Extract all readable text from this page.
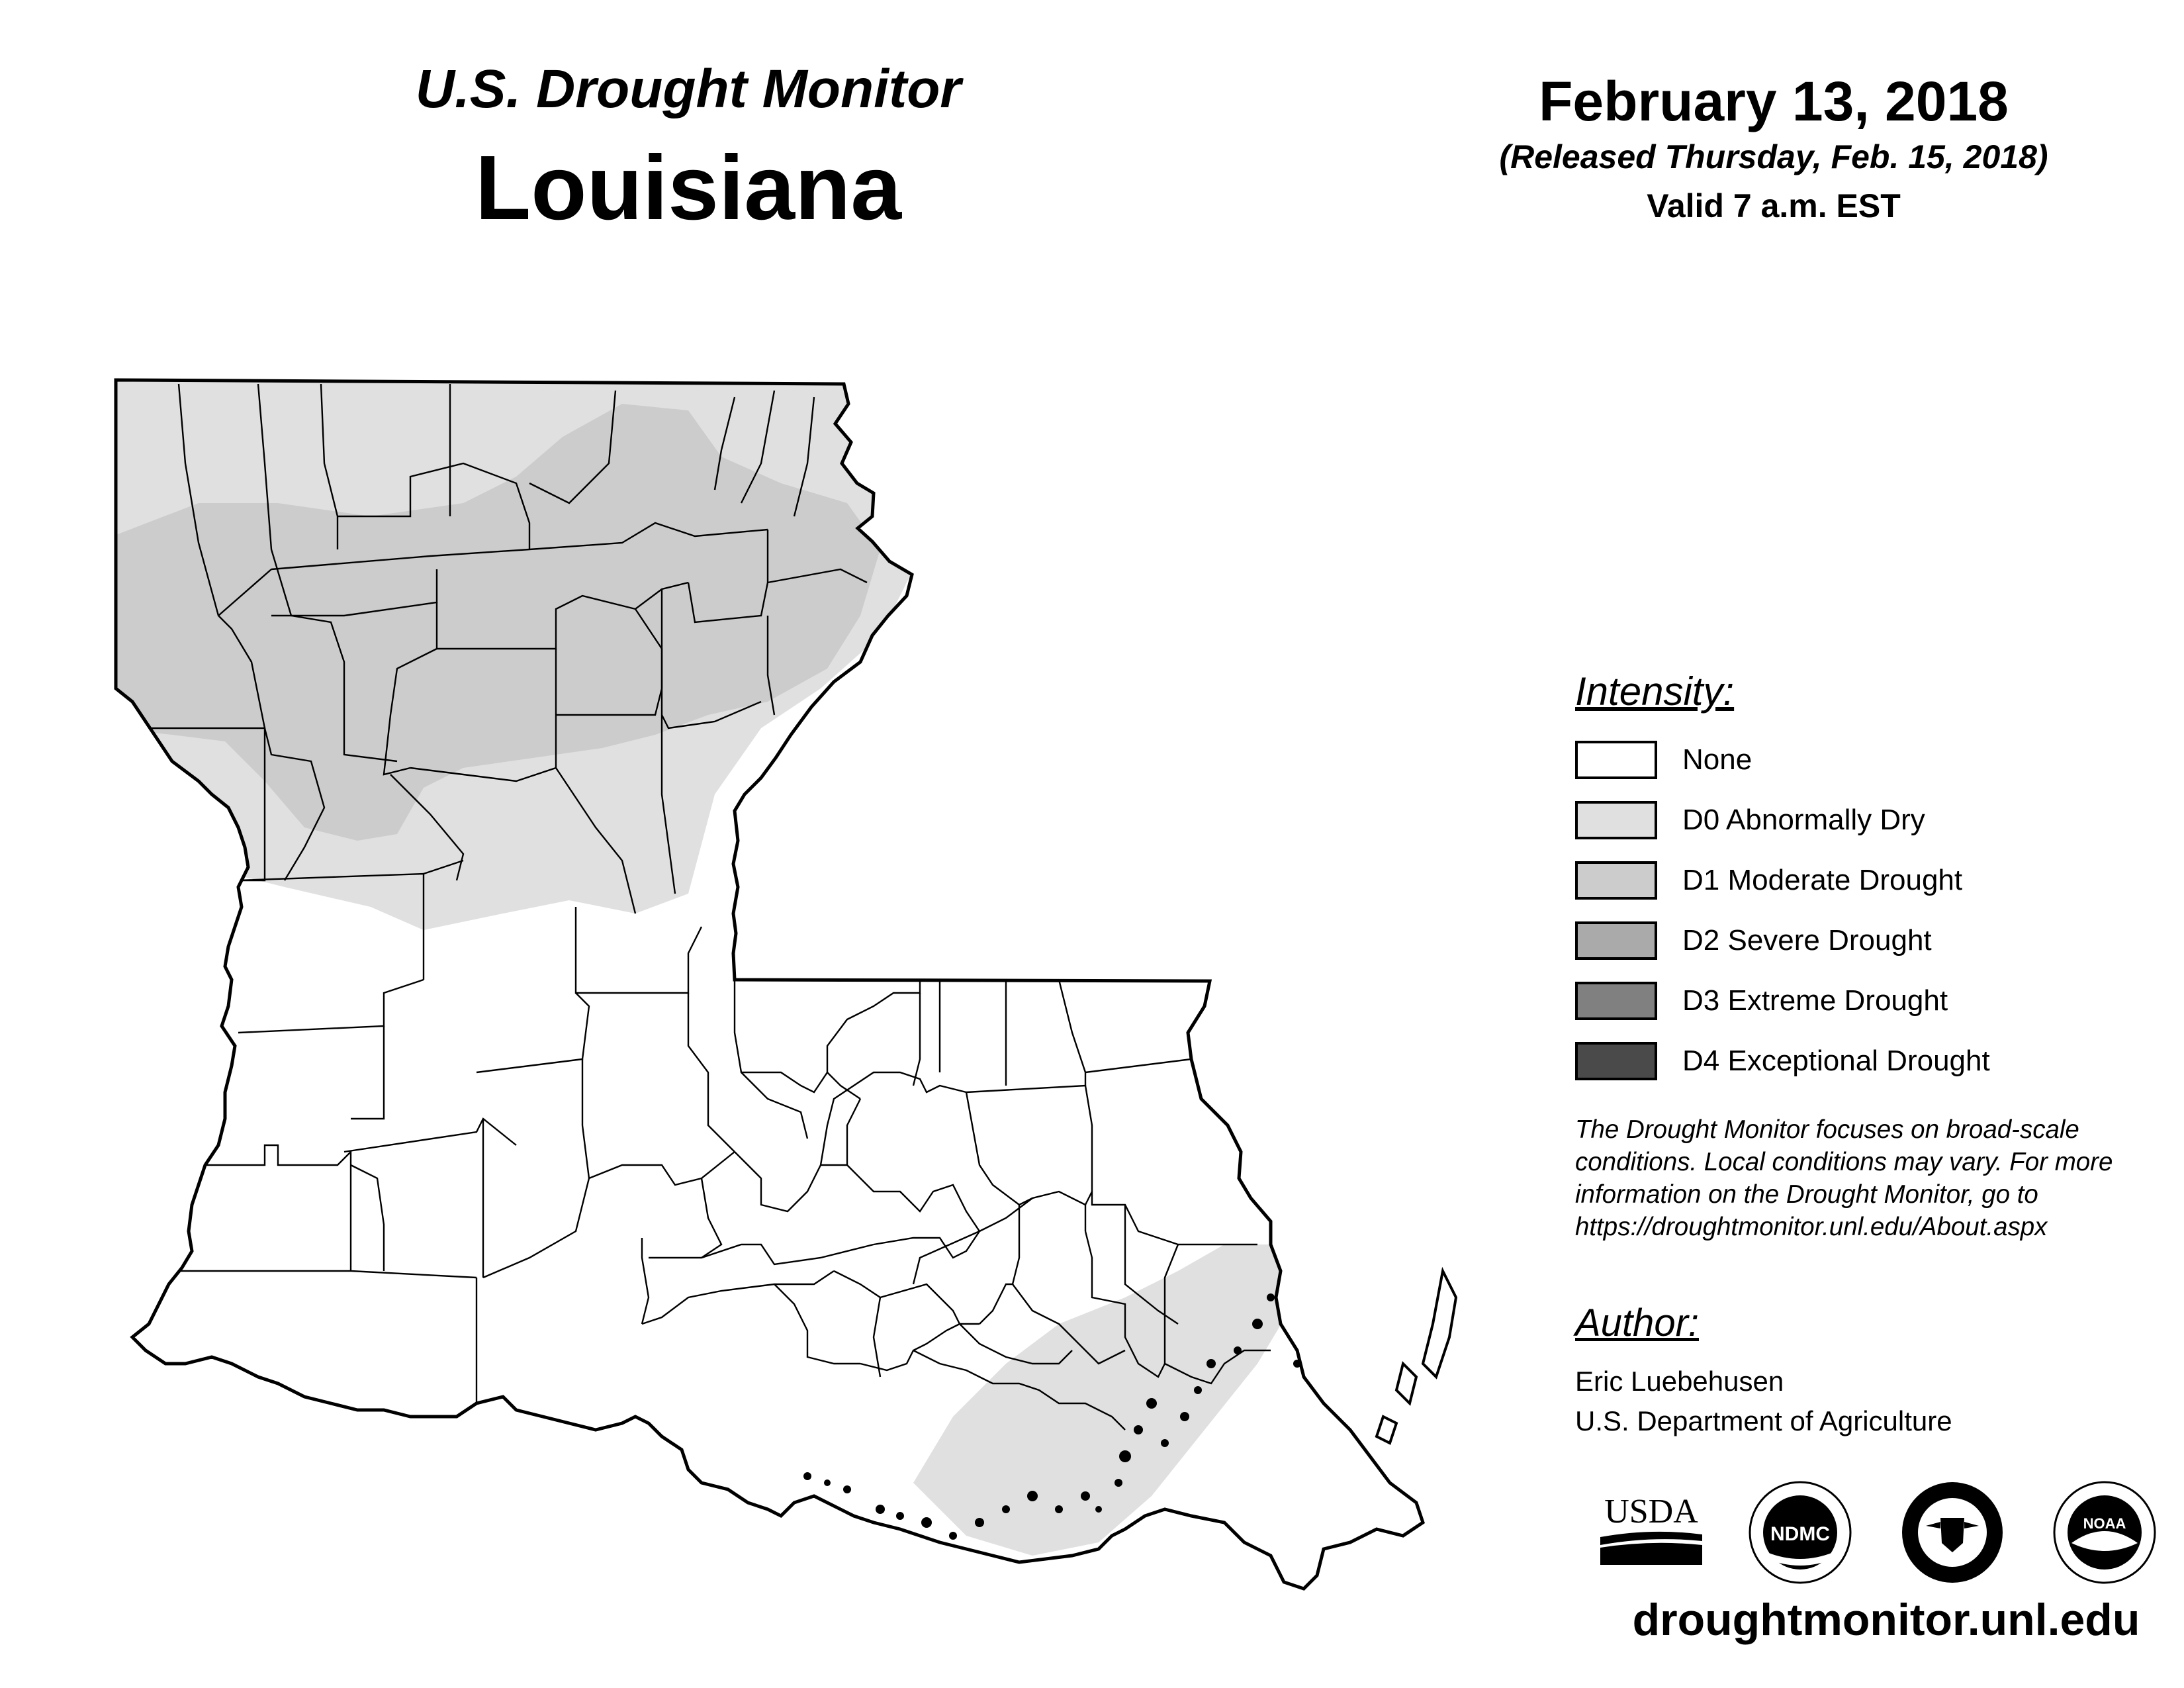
U.S. Drought Monitor
Louisiana
February 13, 2018
(Released Thursday, Feb. 15, 2018)
Valid 7 a.m. EST
Intensity:
None
D0 Abnormally Dry
D1 Moderate Drought
D2 Severe Drought
D3 Extreme Drought
D4 Exceptional Drought
The Drought Monitor focuses on broad-scale
conditions. Local conditions may vary. For more
information on the Drought Monitor, go to
https://droughtmonitor.unl.edu/About.aspx
Author:
Eric Luebehusen
U.S. Department of Agriculture
USDA
NDMC	NOAA
droughtmonitor.unl.edu
